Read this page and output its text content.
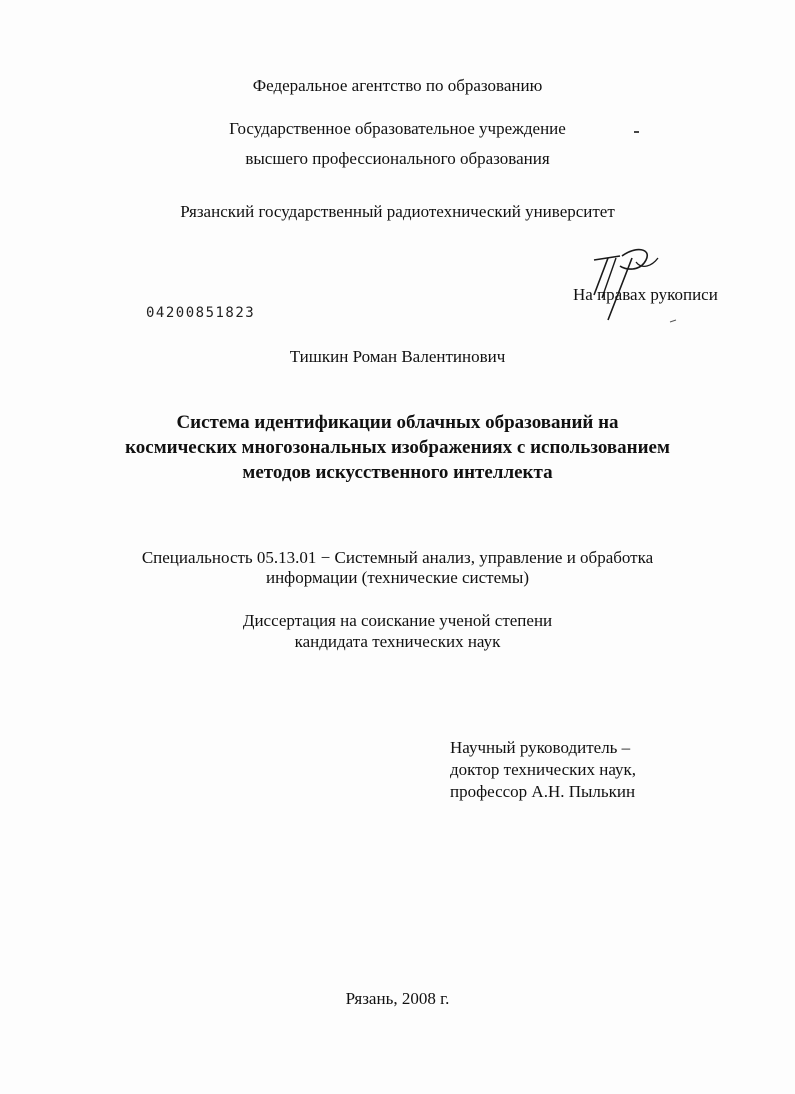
Федеральное агентство по образованию
Государственное образовательное учреждение
высшего профессионального образования
Рязанский государственный радиотехнический университет
На правах рукописи
04200851823
Тишкин Роман Валентинович
Система идентификации облачных образований на
космических многозональных изображениях с использованием
методов искусственного интеллекта
Специальность 05.13.01 − Системный анализ, управление и обработка
информации (технические системы)
Диссертация на соискание ученой степени
кандидата технических наук
Научный руководитель –
доктор технических наук,
профессор А.Н. Пылькин
Рязань, 2008 г.
